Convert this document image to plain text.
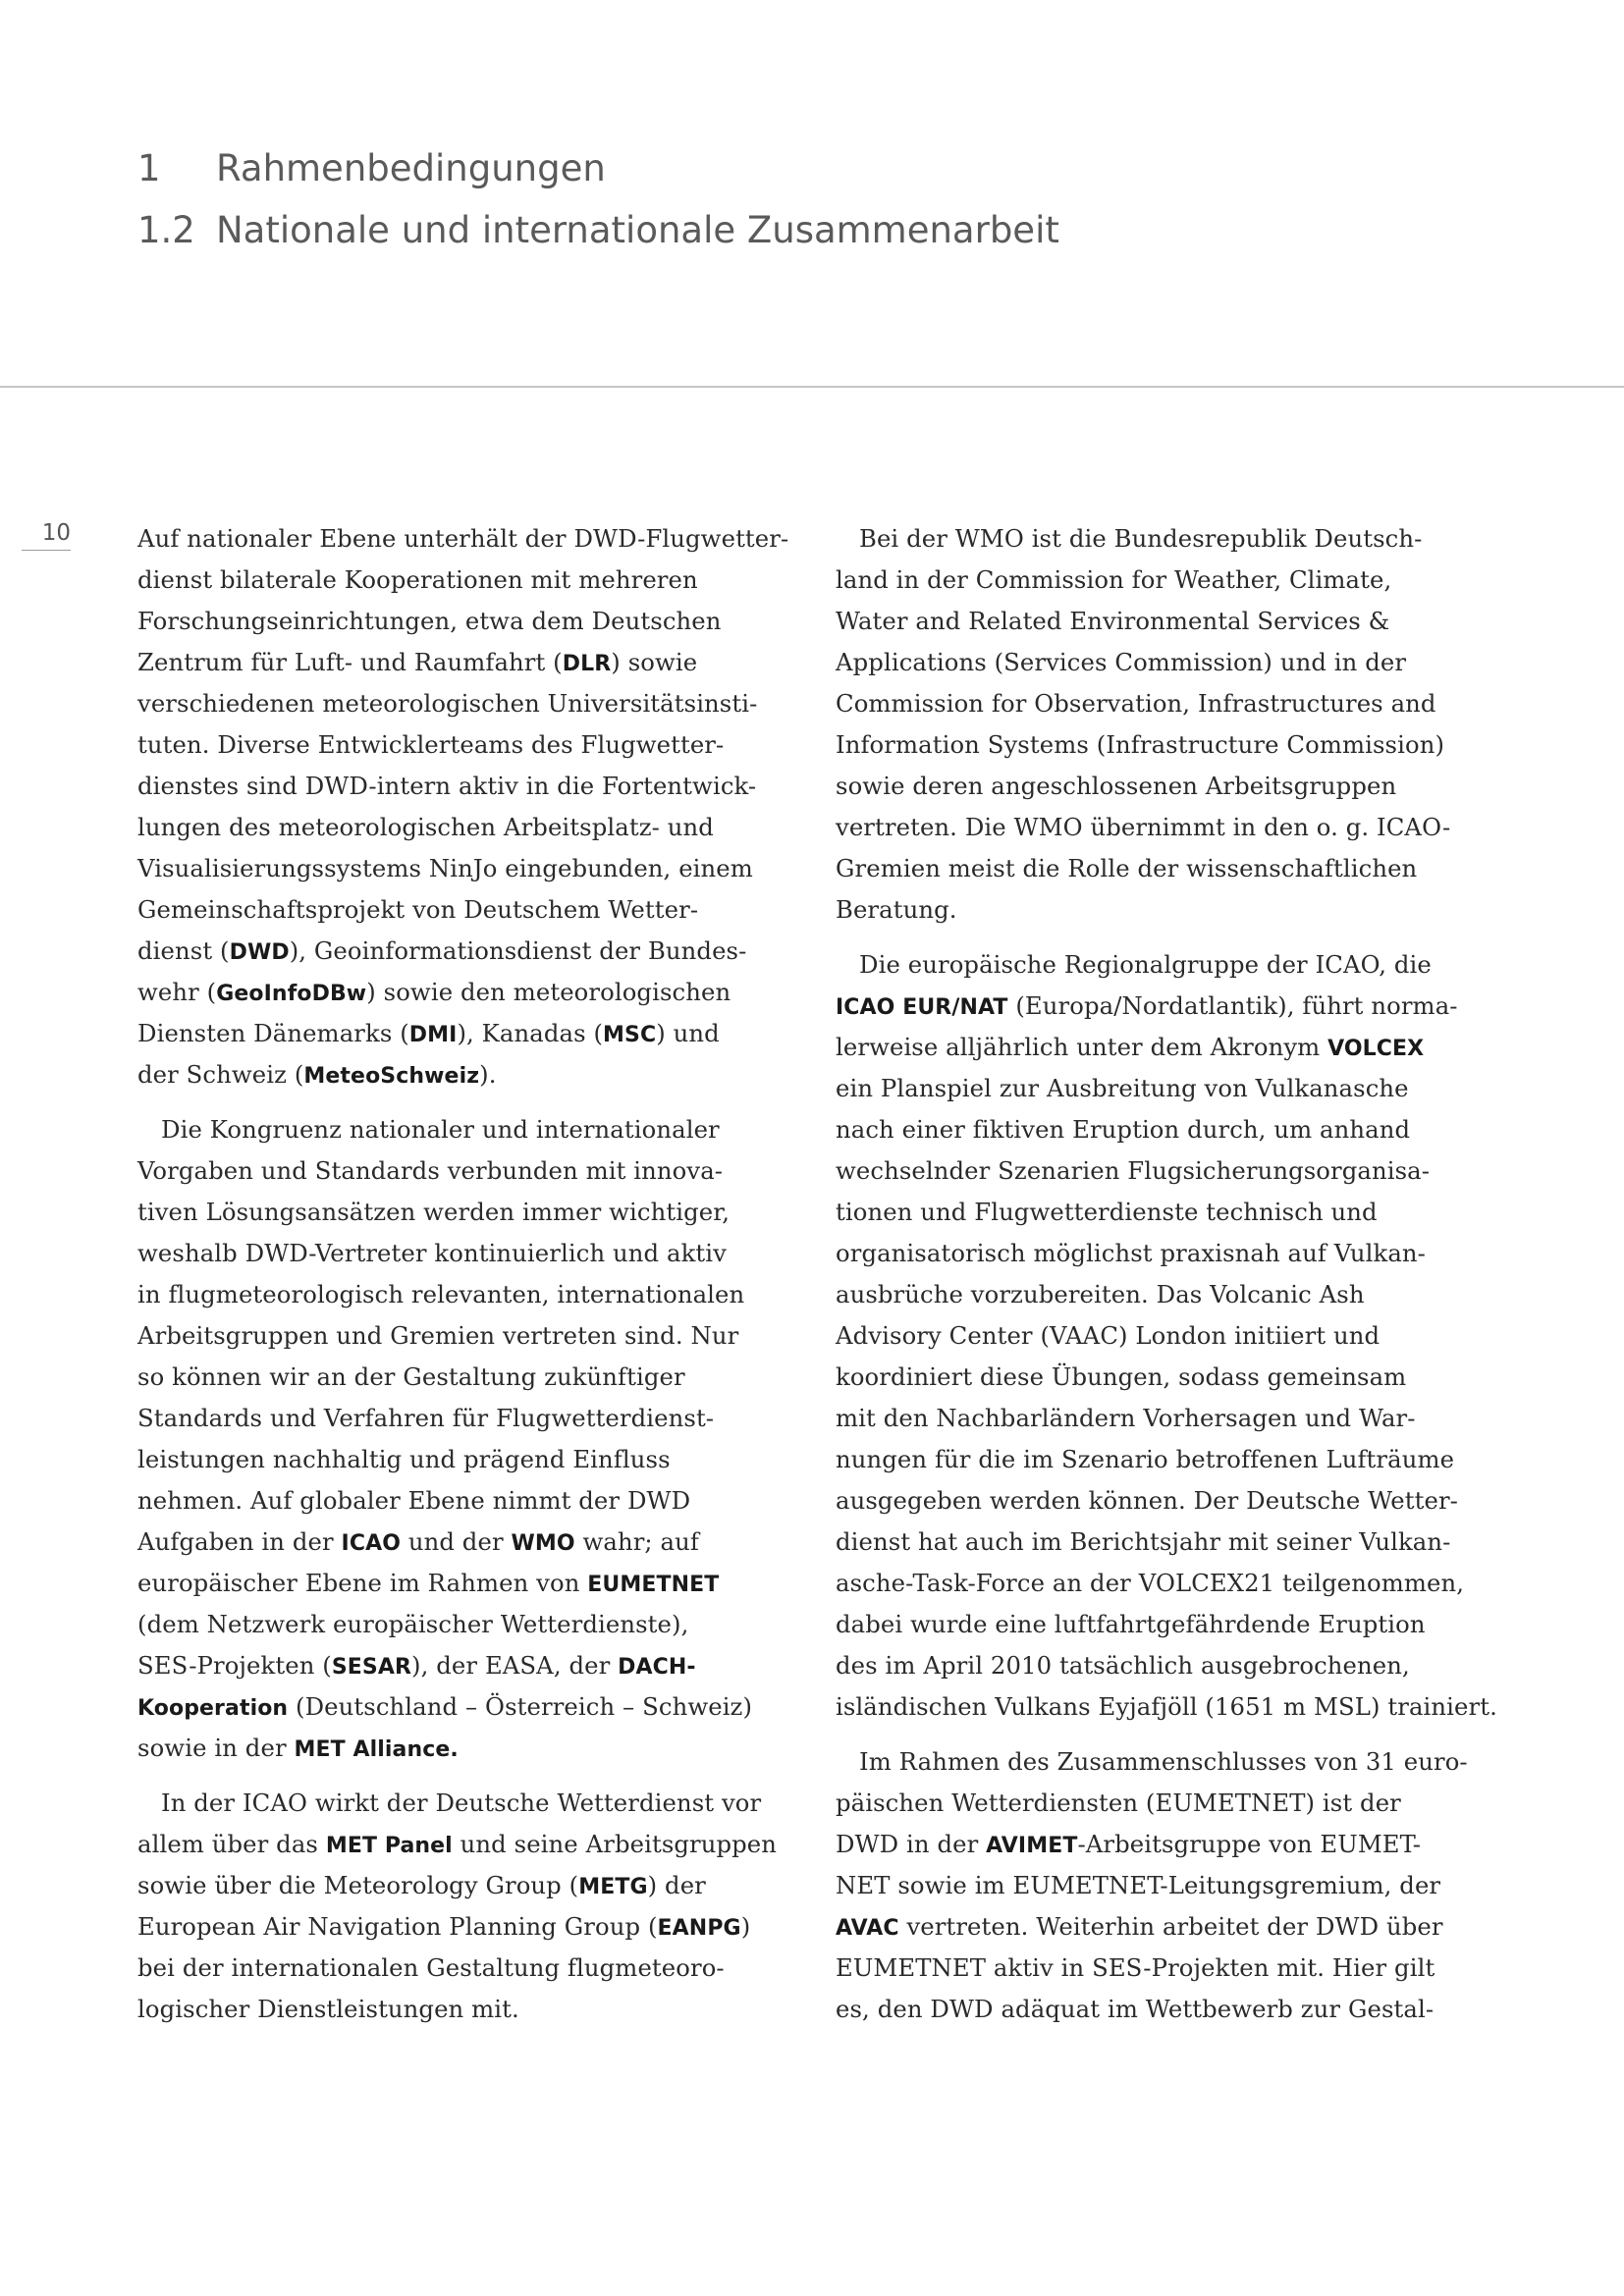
1 Rahmenbedingungen
1.2 Nationale und internationale Zusammenarbeit
10	Auf nationaler Ebene unterhält der DWD-Flugwetter-
dienst bilaterale Kooperationen mit mehreren
Forschungseinrichtungen, etwa dem Deutschen
Zentrum für Luft- und Raumfahrt (DLR) sowie
verschiedenen meteorologischen Universitätsinsti-
tuten. Diverse Entwicklerteams des Flugwetter-
dienstes sind DWD-intern aktiv in die Fortentwick-
lungen des meteorologischen Arbeitsplatz- und
Visualisierungssystems NinJo eingebunden, einem
Gemeinschaftsprojekt von Deutschem Wetter-
dienst (DWD), Geoinformationsdienst der Bundes-
wehr (GeoInfoDBw) sowie den meteorologischen
Diensten Dänemarks (DMI), Kanadas (MSC) und
der Schweiz (MeteoSchweiz).
Die Kongruenz nationaler und internationaler
Vorgaben und Standards verbunden mit innova-
tiven Lösungsansätzen werden immer wichtiger,
weshalb DWD-Vertreter kontinuierlich und aktiv
in flugmeteorologisch relevanten, internationalen
Arbeitsgruppen und Gremien vertreten sind. Nur
so können wir an der Gestaltung zukünftiger
Standards und Verfahren für Flugwetterdienst-
leistungen nachhaltig und prägend Einfluss
nehmen. Auf globaler Ebene nimmt der DWD
Aufgaben in der ICAO und der WMO wahr; auf
europäischer Ebene im Rahmen von EUMETNET
(dem Netzwerk europäischer Wetterdienste),
SES-Projekten (SESAR), der EASA, der DACH-
Kooperation (Deutschland – Österreich – Schweiz)
sowie in der MET Alliance.
In der ICAO wirkt der Deutsche Wetterdienst vor
allem über das MET Panel und seine Arbeitsgruppen
sowie über die Meteorology Group (METG) der
European Air Navigation Planning Group (EANPG)
bei der internationalen Gestaltung flugmeteoro-
logischer Dienstleistungen mit.
Bei der WMO ist die Bundesrepublik Deutsch-
land in der Commission for Weather, Climate,
Water and Related Environmental Services &
Applications (Services Commission) und in der
Commission for Observation, Infrastructures and
Information Systems (Infrastructure Commission)
sowie deren angeschlossenen Arbeitsgruppen
vertreten. Die WMO übernimmt in den o. g. ICAO-
Gremien meist die Rolle der wissenschaftlichen
Beratung.
Die europäische Regionalgruppe der ICAO, die
ICAO EUR/NAT (Europa/Nordatlantik), führt norma-
lerweise alljährlich unter dem Akronym VOLCEX
ein Planspiel zur Ausbreitung von Vulkanasche
nach einer fiktiven Eruption durch, um anhand
wechselnder Szenarien Flugsicherungsorganisa-
tionen und Flugwetterdienste technisch und
organisatorisch möglichst praxisnah auf Vulkan-
ausbrüche vorzubereiten. Das Volcanic Ash
Advisory Center (VAAC) London initiiert und
koordiniert diese Übungen, sodass gemeinsam
mit den Nachbarländern Vorhersagen und War-
nungen für die im Szenario betroffenen Lufträume
ausgegeben werden können. Der Deutsche Wetter-
dienst hat auch im Berichtsjahr mit seiner Vulkan-
asche-Task-Force an der VOLCEX21 teilgenommen,
dabei wurde eine luftfahrtgefährdende Eruption
des im April 2010 tatsächlich ausgebrochenen,
isländischen Vulkans Eyjafjöll (1651 m MSL) trainiert.
Im Rahmen des Zusammenschlusses von 31 euro-
päischen Wetterdiensten (EUMETNET) ist der
DWD in der AVIMET-Arbeitsgruppe von EUMET-
NET sowie im EUMETNET-Leitungsgremium, der
AVAC vertreten. Weiterhin arbeitet der DWD über
EUMETNET aktiv in SES-Projekten mit. Hier gilt
es, den DWD adäquat im Wettbewerb zur Gestal-
